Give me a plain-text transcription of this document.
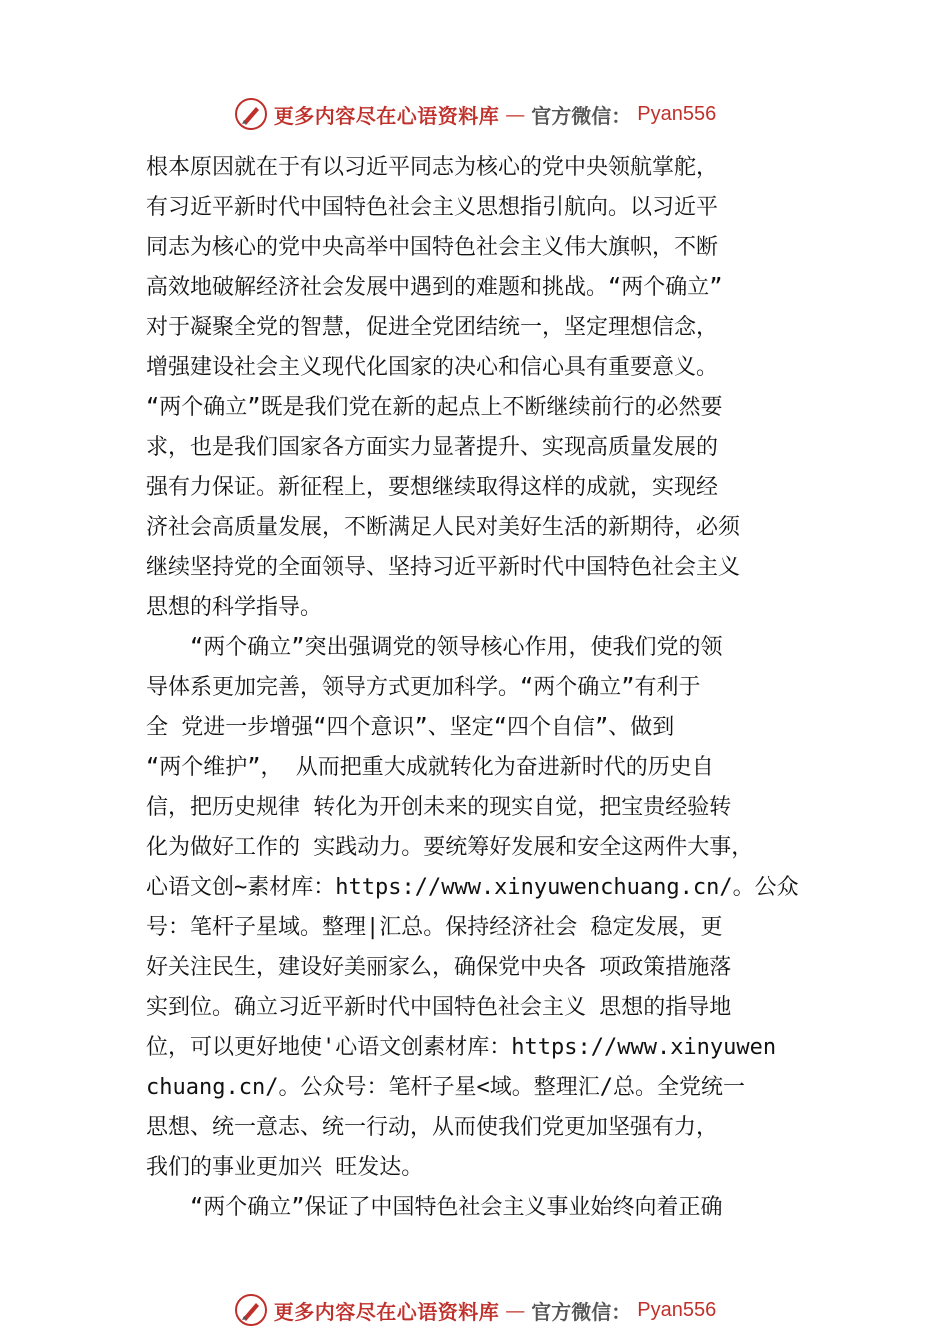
更多内容尽在心语资料库 — 官方微信： Pyan556
根本原因就在于有以习近平同志为核心的党中央领航掌舵，
有习近平新时代中国特色社会主义思想指引航向。以习近平
同志为核心的党中央高举中国特色社会主义伟大旗帜，不断
高效地破解经济社会发展中遇到的难题和挑战。“两个确立”
对于凝聚全党的智慧，促进全党团结统一，坚定理想信念，
增强建设社会主义现代化国家的决心和信心具有重要意义。
“两个确立”既是我们党在新的起点上不断继续前行的必然要
求，也是我们国家各方面实力显著提升、实现高质量发展的
强有力保证。新征程上，要想继续取得这样的成就，实现经
济社会高质量发展，不断满足人民对美好生活的新期待，必须
继续坚持党的全面领导、坚持习近平新时代中国特色社会主义
思想的科学指导。
“两个确立”突出强调党的领导核心作用，使我们党的领
导体系更加完善，领导方式更加科学。“两个确立”有利于
全 党进一步增强“四个意识”、坚定“四个自信”、做到
“两个维护”， 从而把重大成就转化为奋进新时代的历史自
信，把历史规律 转化为开创未来的现实自觉，把宝贵经验转
化为做好工作的 实践动力。要统筹好发展和安全这两件大事，
心语文创~素材库：https://www.xinyuwenchuang.cn/。公众
号：笔杆子星域。整理|汇总。保持经济社会 稳定发展，更
好关注民生，建设好美丽家么，确保党中央各 项政策措施落
实到位。确立习近平新时代中国特色社会主义 思想的指导地
位，可以更好地使'心语文创素材库：https://www.xinyuwen
chuang.cn/。公众号：笔杆子星<域。整理汇/总。全党统一
思想、统一意志、统一行动，从而使我们党更加坚强有力，
我们的事业更加兴 旺发达。
“两个确立”保证了中国特色社会主义事业始终向着正确
更多内容尽在心语资料库 — 官方微信： Pyan556
